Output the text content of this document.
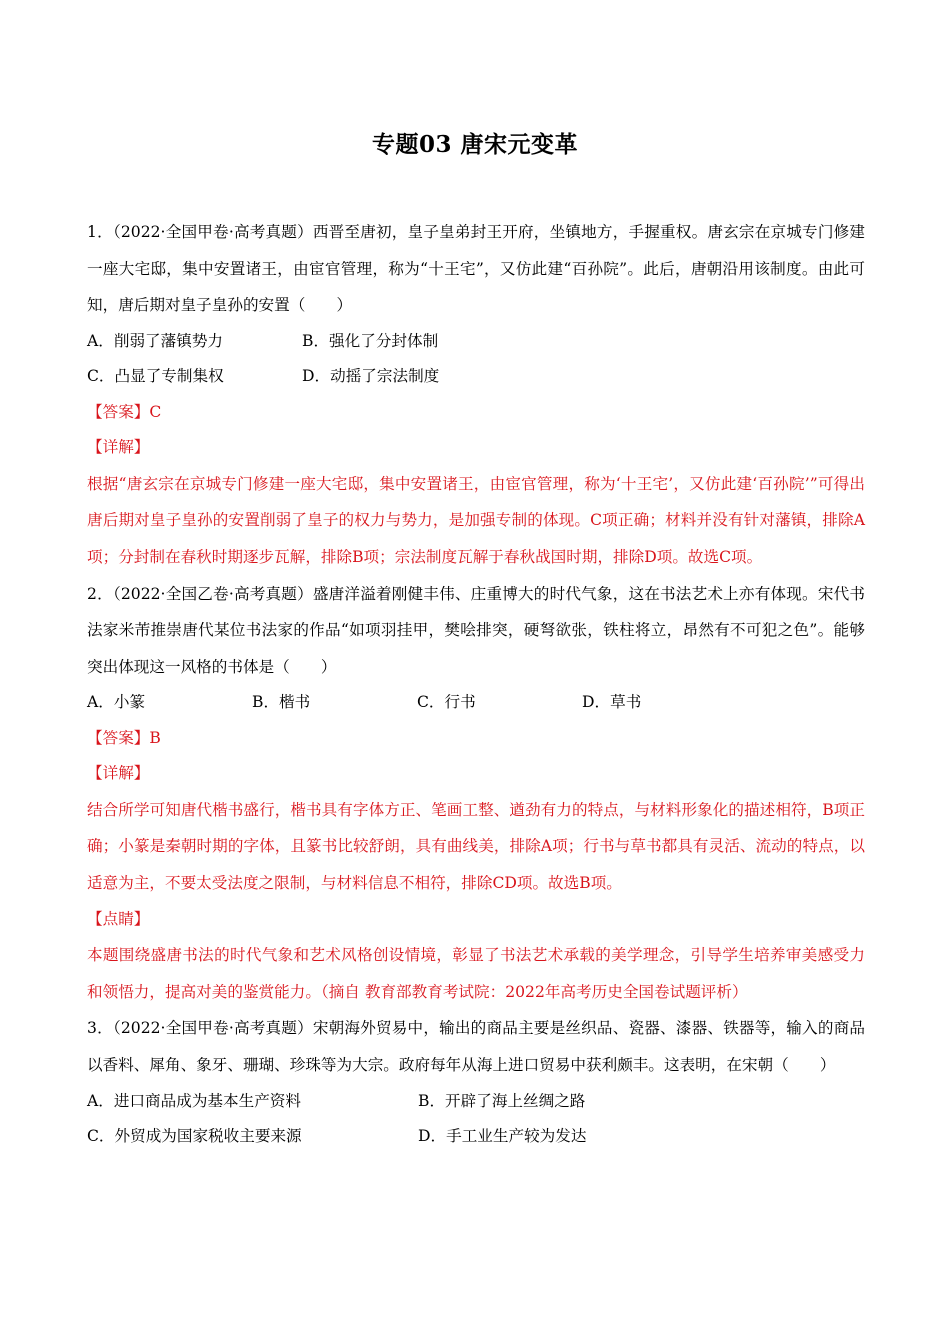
专题03 唐宋元变革

1．（2022·全国甲卷·高考真题）西晋至唐初，皇子皇弟封王开府，坐镇地方，手握重权。唐玄宗在京城专门修建一座大宅邸，集中安置诸王，由宦官管理，称为“十王宅”，又仿此建“百孙院”。此后，唐朝沿用该制度。由此可知，唐后期对皇子皇孙的安置（　　）

A．削弱了藩镇势力	B．强化了分封体制
C．凸显了专制集权	D．动摇了宗法制度
【答案】C
【详解】

根据“唐玄宗在京城专门修建一座大宅邸，集中安置诸王，由宦官管理，称为‘十王宅’，又仿此建‘百孙院’”可得出唐后期对皇子皇孙的安置削弱了皇子的权力与势力，是加强专制的体现。C项正确；材料并没有针对藩镇，排除A项；分封制在春秋时期逐步瓦解，排除B项；宗法制度瓦解于春秋战国时期，排除D项。故选C项。

2．（2022·全国乙卷·高考真题）盛唐洋溢着刚健丰伟、庄重博大的时代气象，这在书法艺术上亦有体现。宋代书法家米芾推崇唐代某位书法家的作品“如项羽挂甲，樊哙排突，硬弩欲张，铁柱将立，昂然有不可犯之色”。能够突出体现这一风格的书体是（　　）

A．小篆	B．楷书	C．行书	D．草书
【答案】B
【详解】

结合所学可知唐代楷书盛行，楷书具有字体方正、笔画工整、遒劲有力的特点，与材料形象化的描述相符，B项正确；小篆是秦朝时期的字体，且篆书比较舒朗，具有曲线美，排除A项；行书与草书都具有灵活、流动的特点，以适意为主，不要太受法度之限制，与材料信息不相符，排除CD项。故选B项。

【点睛】

本题围绕盛唐书法的时代气象和艺术风格创设情境，彰显了书法艺术承载的美学理念，引导学生培养审美感受力和领悟力，提高对美的鉴赏能力。（摘自 教育部教育考试院：2022年高考历史全国卷试题评析）

3．（2022·全国甲卷·高考真题）宋朝海外贸易中，输出的商品主要是丝织品、瓷器、漆器、铁器等，输入的商品以香料、犀角、象牙、珊瑚、珍珠等为大宗。政府每年从海上进口贸易中获利颇丰。这表明，在宋朝（　　）

A．进口商品成为基本生产资料	B．开辟了海上丝绸之路
C．外贸成为国家税收主要来源	D．手工业生产较为发达
